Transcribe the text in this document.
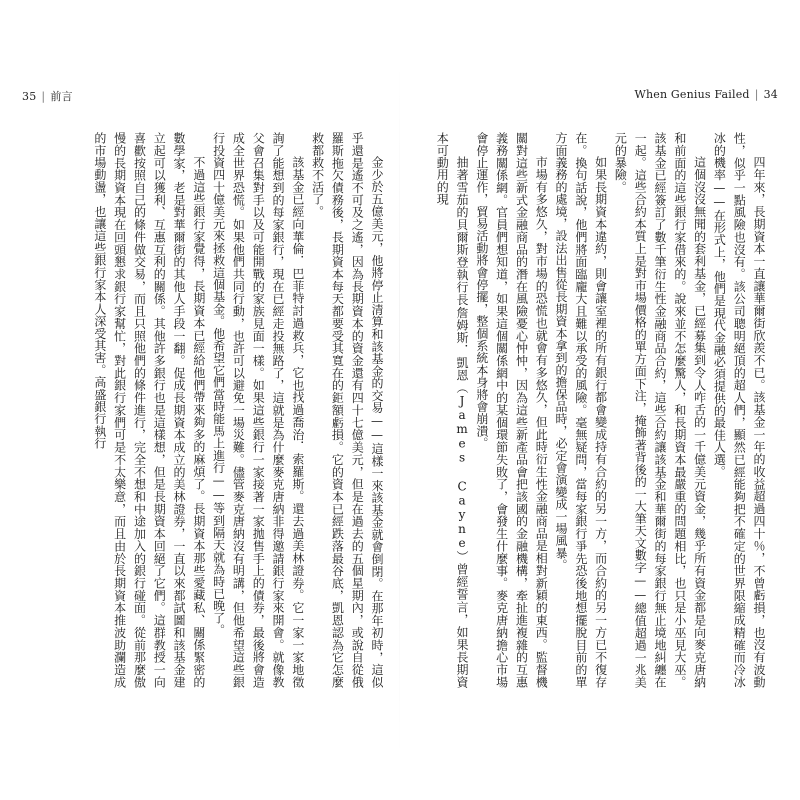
35 | 前言

金少於五億美元，他將停止清算和該基金的交易——這樣一來該基金就會倒閉。在那年初時，這似乎還是遙不可及之遙，因為長期資本的資金還有四十七億美元，但是在過去的五個星期內，或說自從俄羅斯拖欠債務後，長期資本每天都要受其寬在的鉅額虧損。它的資本已經跌落最谷底，凱恩認為它怎麼救都救不活了。

該基金已經向華倫．巴菲特討過救兵，它也找過喬治．索羅斯。還去過美林證券。它一家一家地徵詢了能想到的每家銀行，現在已經走投無路了，這就是為什麼麥克唐納非得邀請銀行家來開會。就像教父會召集對手以及可能開戰的家族見面一樣。如果這些銀行一家接著一家拋售手上的債券，最後將會造成全世界恐慌。如果他們共同行動，也許可以避免一場災難。儘管麥克唐納沒有明講，但他希望這些銀行投資四十億美元來拯救這個基金。他希望它們當時能馬上進行——等到隔天就為時已晚了。

不過這些銀行家覺得，長期資本已經給他們帶來夠多的麻煩了。長期資本那些愛藏私、關係緊密的數學家，老是對華爾街的其他人手段一翻。促成長期資本成立的美林證券，一直以來都試圖和該基金建立起可以獲利、互惠互利的關係。其他許多銀行也是這樣想，但是長期資本回絕了它們。這群教授一向喜歡按照自己的條件做交易，而且只照他們的條件進行，完全不想和中途加入的銀行碰面。從前那麼傲慢的長期資本現在回頭懇求銀行家幫忙，對此銀行家們可是不太樂意，而且由於長期資本推波助瀾造成的市場動盪，也讓這些銀行家本人深受其害。高盛銀行執行

When Genius Failed | 34

四年來，長期資本一直讓華爾街欣羨不已。該基金一年的收益超過四十％，不曾虧損，也沒有波動性，似乎一點風險也沒有。該公司聰明絕頂的超人們，顯然已經能夠把不確定的世界限縮成精確而冷冰冰的機率——在形式上，他們是現代金融必須提供的最佳人選。

這個沒沒無聞的套利基金，已經募集到令人咋舌的一千億美元資金，幾乎所有資金都是向麥克唐納和前面的這些銀行家借來的。說來並不怎麼驚人，和長期資本最嚴重的問題相比，也只是小巫見大巫。該基金已經簽訂了數千筆衍生性金融商品合約，這些合約讓該基金和華爾街的每家銀行無止境地糾纏在一起。這些合約本質上是對市場價格的單方面下注，掩飾著背後的一大筆天文數字——總值超過一兆美元的暴險。

如果長期資本違約，則會讓室裡的所有銀行都會變成持有合約的另一方，而合約的另一方已不復存在。換句話說，他們將面臨龐大且難以承受的風險。毫無疑問，當每家銀行爭先恐後地想擺脫目前的單方面義務的處境，設法出售從長期資本拿到的擔保品時，必定會演變成一場風暴。

市場有多悠久，對市場的恐慌也就會有多悠久，但此時衍生性金融商品是相對新穎的東西。監督機關對這些新式金融商品的潛在風險憂心忡忡，因為這些新產品會把該國的金融機構，牽扯進複雜的互惠義務關係網。官員們想知道，如果這個關係網中的某個環節失敗了，會發生什麼事。麥克唐納擔心市場會停止運作，貿易活動將會停擺，整個系統本身將會崩潰。

抽著雪茄的貝爾斯登執行長詹姆斯．凱恩（James Cayne）曾經誓言，如果長期資本可動用的現
